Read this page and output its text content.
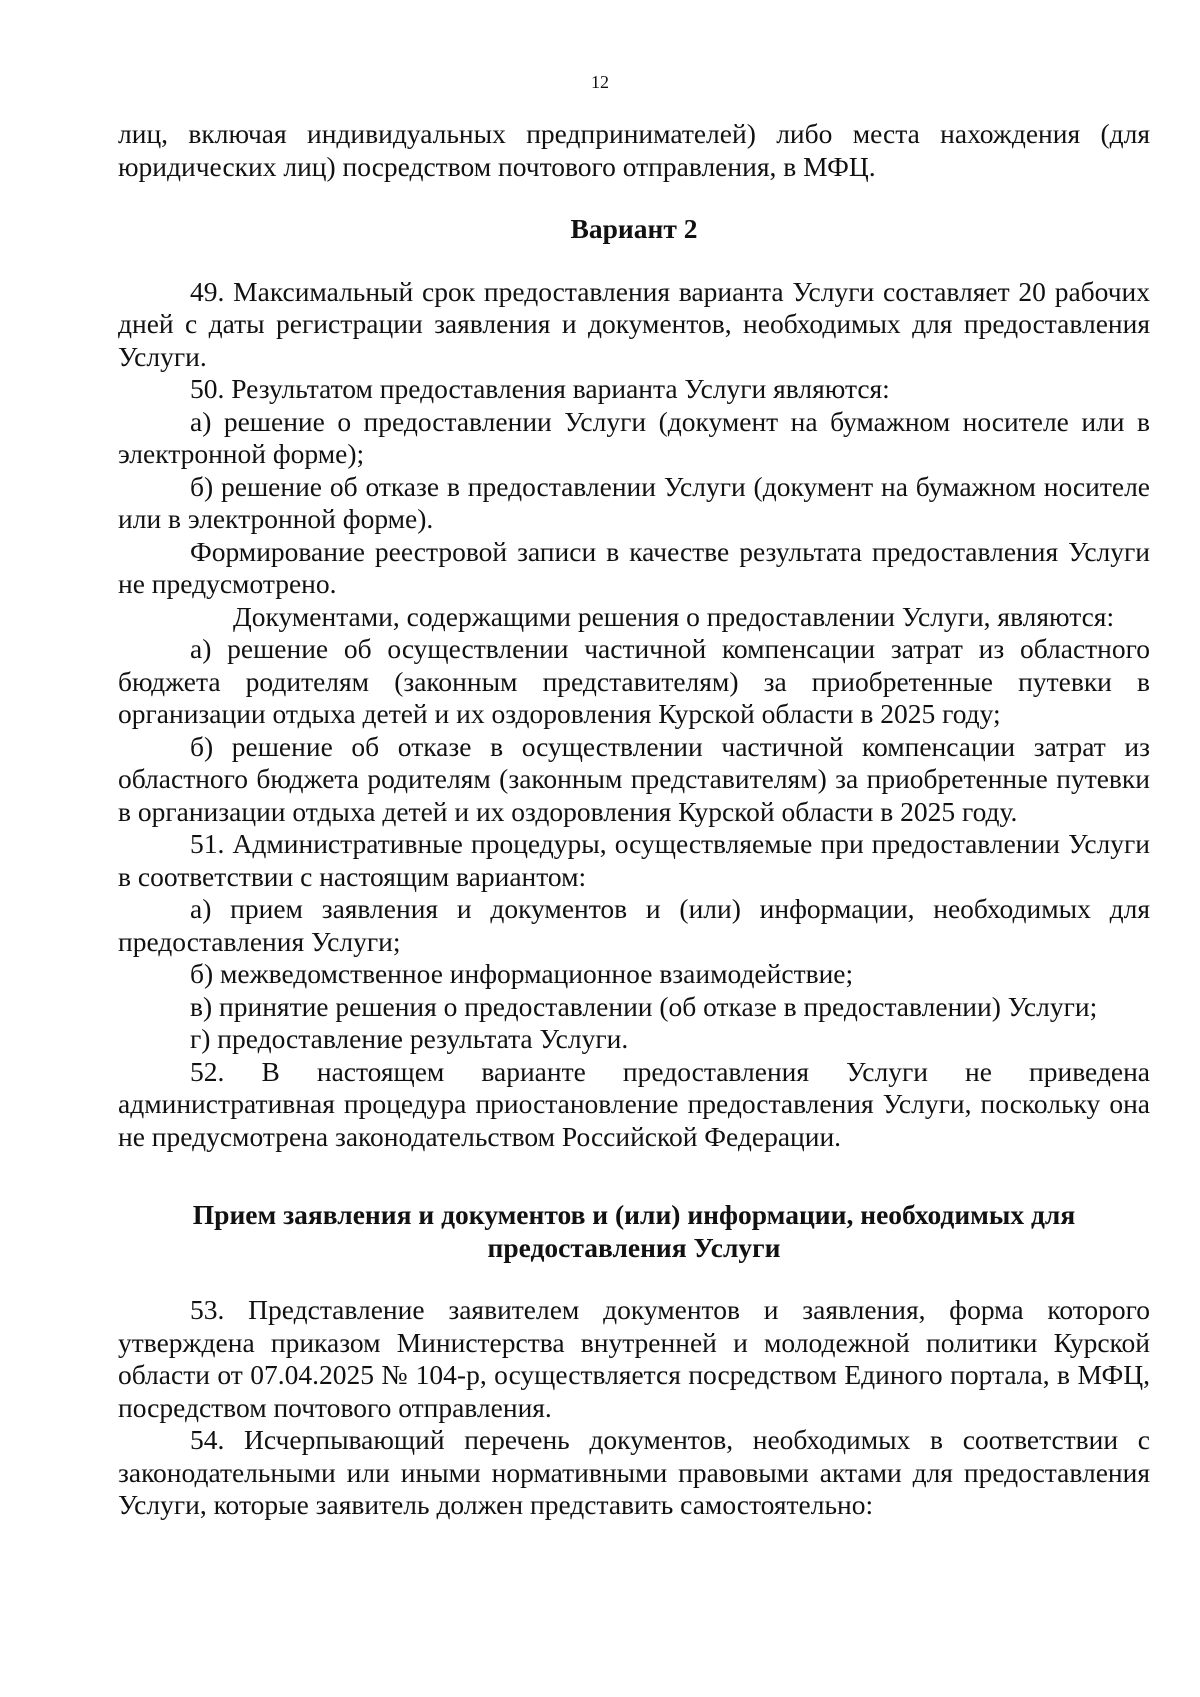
12

лиц, включая индивидуальных предпринимателей) либо места нахождения (для юридических лиц) посредством почтового отправления, в МФЦ.

Вариант 2

49. Максимальный срок предоставления варианта Услуги составляет 20 рабочих дней с даты регистрации заявления и документов, необходимых для предоставления Услуги.

50. Результатом предоставления варианта Услуги являются:

а) решение о предоставлении Услуги (документ на бумажном носителе или в электронной форме);

б) решение об отказе в предоставлении Услуги (документ на бумажном носителе или в электронной форме).

Формирование реестровой записи в качестве результата предоставления Услуги не предусмотрено.

Документами, содержащими решения о предоставлении Услуги, являются:

а) решение об осуществлении частичной компенсации затрат из областного бюджета родителям (законным представителям) за приобретенные путевки в организации отдыха детей и их оздоровления Курской области в 2025 году;

б) решение об отказе в осуществлении частичной компенсации затрат из областного бюджета родителям (законным представителям) за приобретенные путевки в организации отдыха детей и их оздоровления Курской области в 2025 году.

51. Административные процедуры, осуществляемые при предоставлении Услуги в соответствии с настоящим вариантом:

а) прием заявления и документов и (или) информации, необходимых для предоставления Услуги;

б) межведомственное информационное взаимодействие;

в) принятие решения о предоставлении (об отказе в предоставлении) Услуги;

г) предоставление результата Услуги.

52. В настоящем варианте предоставления Услуги не приведена административная процедура приостановление предоставления Услуги, поскольку она не предусмотрена законодательством Российской Федерации.

Прием заявления и документов и (или) информации, необходимых для

предоставления Услуги

53. Представление заявителем документов и заявления, форма которого утверждена приказом Министерства внутренней и молодежной политики Курской области от 07.04.2025 № 104-р, осуществляется посредством Единого портала, в МФЦ, посредством почтового отправления.

54. Исчерпывающий перечень документов, необходимых в соответствии с законодательными или иными нормативными правовыми актами для предоставления Услуги, которые заявитель должен представить самостоятельно:
